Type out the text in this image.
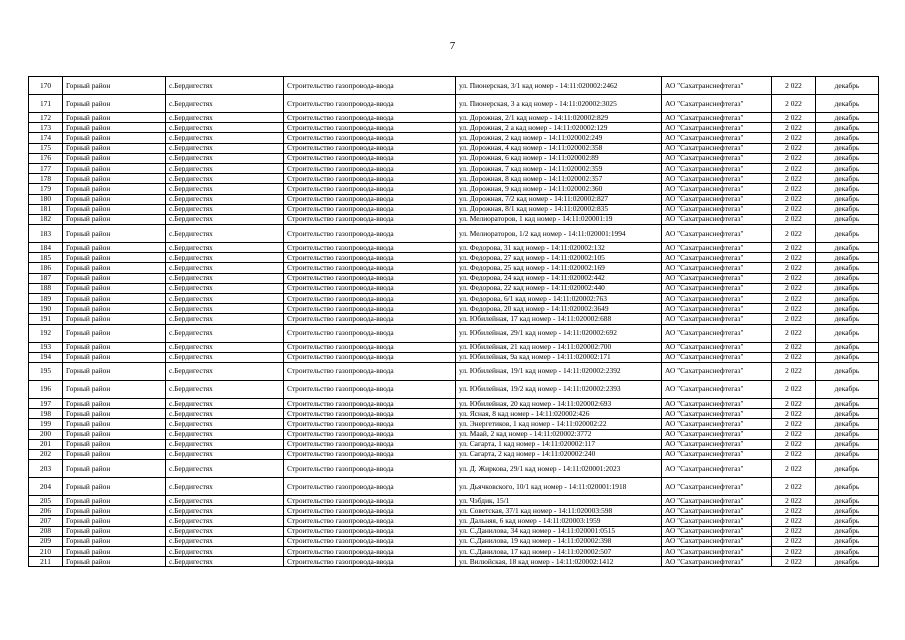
7
170	Горный район	с.Бердигестях	Строительство газопровода-ввода	ул. Пионерская, 3/1 кад номер - 14:11:020002:2462	АО "Сахатранснефтегаз"	2 022	декабрь
171	Горный район	с.Бердигестях	Строительство газопровода-ввода	ул. Пионерская, 3 а кад номер - 14:11:020002:3025	АО "Сахатранснефтегаз"	2 022	декабрь
172	Горный район	с.Бердигестях	Строительство газопровода-ввода	ул. Дорожная, 2/1 кад номер - 14:11:020002:829	АО "Сахатранснефтегаз"	2 022	декабрь
173	Горный район	с.Бердигестях	Строительство газопровода-ввода	ул. Дорожная, 2 а кад номер - 14:11:020002:129	АО "Сахатранснефтегаз"	2 022	декабрь
174	Горный район	с.Бердигестях	Строительство газопровода-ввода	ул. Дорожная, 2 кад номер - 14:11:020002:249	АО "Сахатранснефтегаз"	2 022	декабрь
175	Горный район	с.Бердигестях	Строительство газопровода-ввода	ул. Дорожная, 4 кад номер - 14:11:020002:358	АО "Сахатранснефтегаз"	2 022	декабрь
176	Горный район	с.Бердигестях	Строительство газопровода-ввода	ул. Дорожная, 6 кад номер - 14:11:020002:89	АО "Сахатранснефтегаз"	2 022	декабрь
177	Горный район	с.Бердигестях	Строительство газопровода-ввода	ул. Дорожная, 7 кад номер - 14:11:020002:359	АО "Сахатранснефтегаз"	2 022	декабрь
178	Горный район	с.Бердигестях	Строительство газопровода-ввода	ул. Дорожная, 8 кад номер - 14:11:020002:357	АО "Сахатранснефтегаз"	2 022	декабрь
179	Горный район	с.Бердигестях	Строительство газопровода-ввода	ул. Дорожная, 9 кад номер - 14:11:020002:360	АО "Сахатранснефтегаз"	2 022	декабрь
180	Горный район	с.Бердигестях	Строительство газопровода-ввода	ул. Дорожная, 7/2 кад номер - 14:11:020002:827	АО "Сахатранснефтегаз"	2 022	декабрь
181	Горный район	с.Бердигестях	Строительство газопровода-ввода	ул. Дорожная, 8/1 кад номер - 14:11:020002:835	АО "Сахатранснефтегаз"	2 022	декабрь
182	Горный район	с.Бердигестях	Строительство газопровода-ввода	ул. Мелиораторов, 1 кад номер - 14:11:020001:19	АО "Сахатранснефтегаз"	2 022	декабрь
183	Горный район	с.Бердигестях	Строительство газопровода-ввода	ул. Мелиораторов, 1/2 кад номер - 14:11:020001:1994	АО "Сахатранснефтегаз"	2 022	декабрь
184	Горный район	с.Бердигестях	Строительство газопровода-ввода	ул. Федорова, 31 кад номер - 14:11:020002:132	АО "Сахатранснефтегаз"	2 022	декабрь
185	Горный район	с.Бердигестях	Строительство газопровода-ввода	ул. Федорова, 27 кад номер - 14:11:020002:105	АО "Сахатранснефтегаз"	2 022	декабрь
186	Горный район	с.Бердигестях	Строительство газопровода-ввода	ул. Федорова, 25 кад номер - 14:11:020002:169	АО "Сахатранснефтегаз"	2 022	декабрь
187	Горный район	с.Бердигестях	Строительство газопровода-ввода	ул. Федорова, 24 кад номер - 14:11:020002:442	АО "Сахатранснефтегаз"	2 022	декабрь
188	Горный район	с.Бердигестях	Строительство газопровода-ввода	ул. Федорова, 22 кад номер - 14:11:020002:440	АО "Сахатранснефтегаз"	2 022	декабрь
189	Горный район	с.Бердигестях	Строительство газопровода-ввода	ул. Федорова, 6/1 кад номер - 14:11:020002:763	АО "Сахатранснефтегаз"	2 022	декабрь
190	Горный район	с.Бердигестях	Строительство газопровода-ввода	ул. Федорова, 20 кад номер - 14:11:020002:3649	АО "Сахатранснефтегаз"	2 022	декабрь
191	Горный район	с.Бердигестях	Строительство газопровода-ввода	ул. Юбилейная, 17 кад номер - 14:11:020002:688	АО "Сахатранснефтегаз"	2 022	декабрь
192	Горный район	с.Бердигестях	Строительство газопровода-ввода	ул. Юбилейная, 29/1 кад номер - 14:11:020002:692	АО "Сахатранснефтегаз"	2 022	декабрь
193	Горный район	с.Бердигестях	Строительство газопровода-ввода	ул. Юбилейная, 21 кад номер - 14:11:020002:700	АО "Сахатранснефтегаз"	2 022	декабрь
194	Горный район	с.Бердигестях	Строительство газопровода-ввода	ул. Юбилейная, 9а кад номер - 14:11:020002:171	АО "Сахатранснефтегаз"	2 022	декабрь
195	Горный район	с.Бердигестях	Строительство газопровода-ввода	ул. Юбилейная, 19/1 кад номер - 14:11:020002:2392	АО "Сахатранснефтегаз"	2 022	декабрь
196	Горный район	с.Бердигестях	Строительство газопровода-ввода	ул. Юбилейная, 19/2 кад номер - 14:11:020002:2393	АО "Сахатранснефтегаз"	2 022	декабрь
197	Горный район	с.Бердигестях	Строительство газопровода-ввода	ул. Юбилейная, 20 кад номер - 14:11:020002:693	АО "Сахатранснефтегаз"	2 022	декабрь
198	Горный район	с.Бердигестях	Строительство газопровода-ввода	ул. Ясная, 8 кад номер - 14:11:020002:426	АО "Сахатранснефтегаз"	2 022	декабрь
199	Горный район	с.Бердигестях	Строительство газопровода-ввода	ул. Энергетиков, 1 кад номер - 14:11:020002:22	АО "Сахатранснефтегаз"	2 022	декабрь
200	Горный район	с.Бердигестях	Строительство газопровода-ввода	ул. Маай, 2 кад номер - 14:11:020002:3772	АО "Сахатранснефтегаз"	2 022	декабрь
201	Горный район	с.Бердигестях	Строительство газопровода-ввода	ул. Сагарта, 1 кад номер - 14:11:020002:117	АО "Сахатранснефтегаз"	2 022	декабрь
202	Горный район	с.Бердигестях	Строительство газопровода-ввода	ул. Сагарта, 2 кад номер - 14:11:020002:240	АО "Сахатранснефтегаз"	2 022	декабрь
203	Горный район	с.Бердигестях	Строительство газопровода-ввода	ул. Д. Жиркова, 29/1 кад номер - 14:11:020001:2023	АО "Сахатранснефтегаз"	2 022	декабрь
204	Горный район	с.Бердигестях	Строительство газопровода-ввода	ул. Дьячковского, 10/1 кад номер - 14:11:020001:1918	АО "Сахатранснефтегаз"	2 022	декабрь
205	Горный район	с.Бердигестях	Строительство газопровода-ввода	ул. Чэбдик, 15/1	АО "Сахатранснефтегаз"	2 022	декабрь
206	Горный район	с.Бердигестях	Строительство газопровода-ввода	ул. Советская, 37/1 кад номер - 14:11:020003:598	АО "Сахатранснефтегаз"	2 022	декабрь
207	Горный район	с.Бердигестях	Строительство газопровода-ввода	ул. Дальняя, 6 кад номер - 14:11:020003:1959	АО "Сахатранснефтегаз"	2 022	декабрь
208	Горный район	с.Бердигестях	Строительство газопровода-ввода	ул. С.Данилова, 34 кад номер - 14:11:020001:0515	АО "Сахатранснефтегаз"	2 022	декабрь
209	Горный район	с.Бердигестях	Строительство газопровода-ввода	ул. С.Данилова, 19 кад номер - 14:11:020002:398	АО "Сахатранснефтегаз"	2 022	декабрь
210	Горный район	с.Бердигестях	Строительство газопровода-ввода	ул. С.Данилова, 17 кад номер - 14:11:020002:507	АО "Сахатранснефтегаз"	2 022	декабрь
211	Горный район	с.Бердигестях	Строительство газопровода-ввода	ул. Вилюйская, 18 кад номер - 14:11:020002:1412	АО "Сахатранснефтегаз"	2 022	декабрь
